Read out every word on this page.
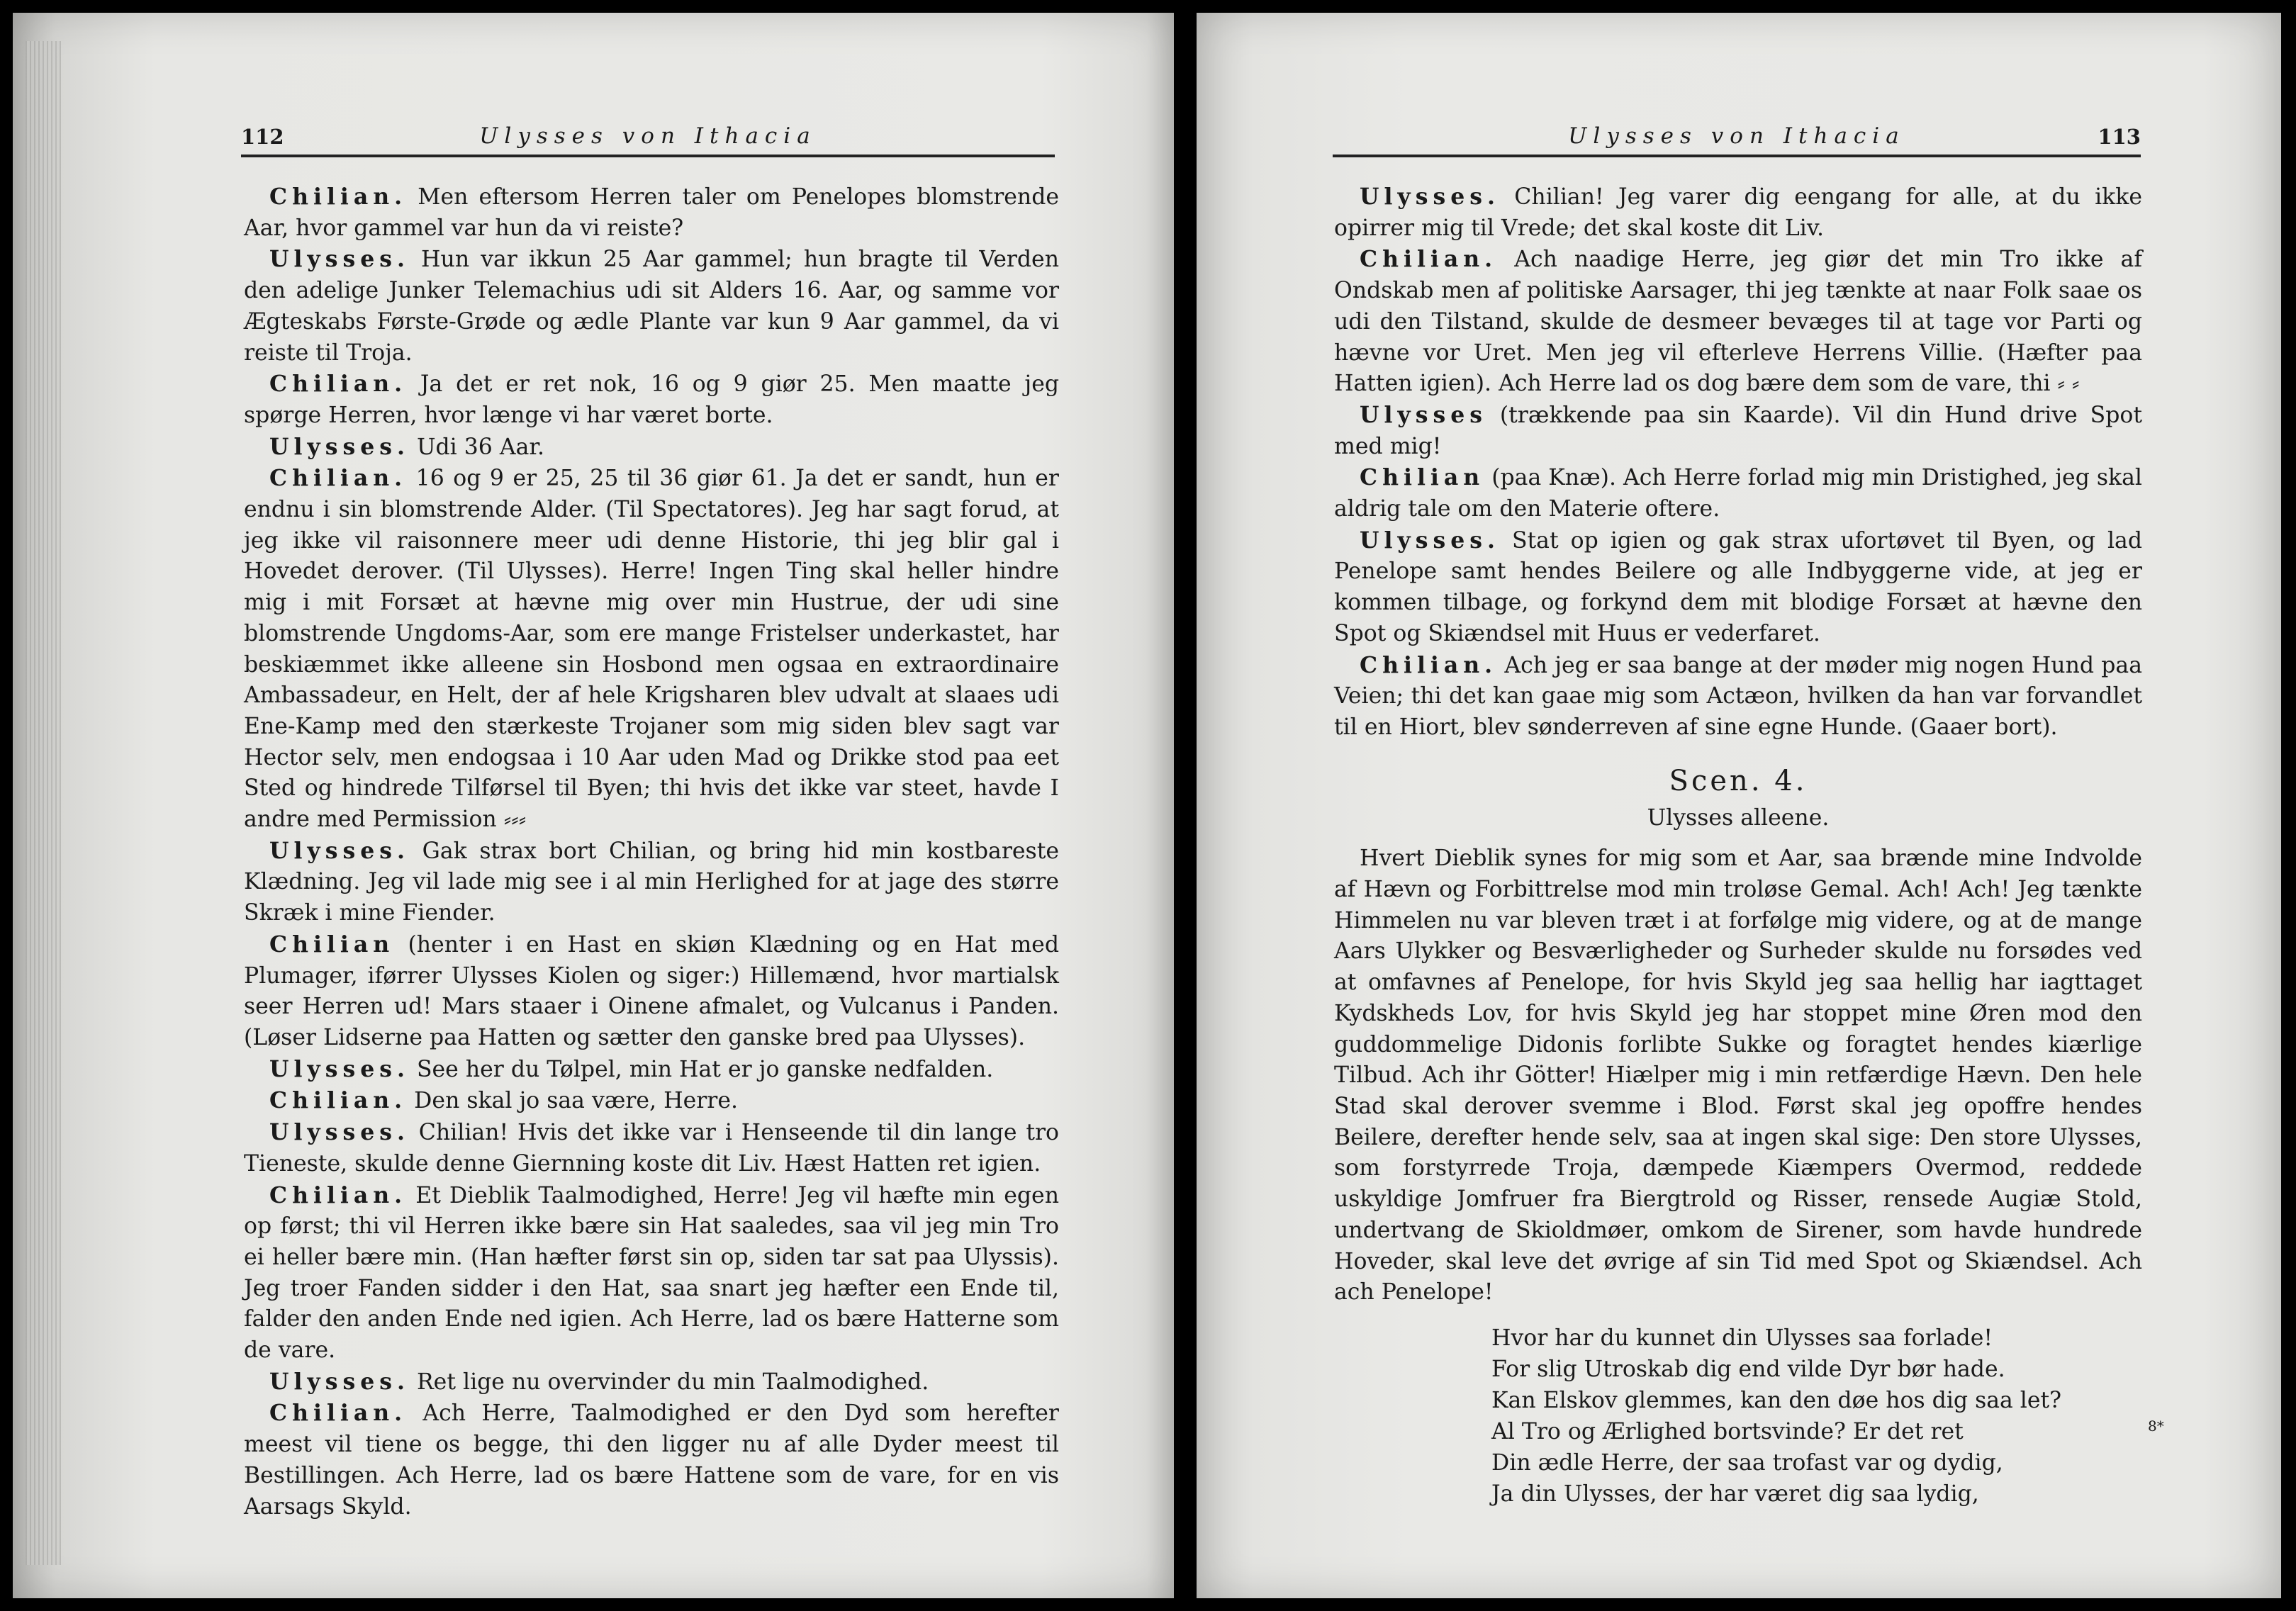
112	Ulysses von Ithacia

Chilian. Men eftersom Herren taler om Penelopes blomstrende Aar, hvor gammel var hun da vi reiste?

Ulysses. Hun var ikkun 25 Aar gammel; hun bragte til Verden den adelige Junker Telemachius udi sit Alders 16. Aar, og samme vor Ægteskabs Første-Grøde og ædle Plante var kun 9 Aar gammel, da vi reiste til Troja.

Chilian. Ja det er ret nok, 16 og 9 giør 25. Men maatte jeg spørge Herren, hvor længe vi har været borte.

Ulysses. Udi 36 Aar.

Chilian. 16 og 9 er 25, 25 til 36 giør 61. Ja det er sandt, hun er endnu i sin blomstrende Alder. (Til Spectatores). Jeg har sagt forud, at jeg ikke vil raisonnere meer udi denne Historie, thi jeg blir gal i Hovedet derover. (Til Ulysses). Herre! Ingen Ting skal heller hindre mig i mit Forsæt at hævne mig over min Hustrue, der udi sine blomstrende Ungdoms-Aar, som ere mange Fristelser underkastet, har beskiæmmet ikke alleene sin Hosbond men ogsaa en extraordinaire Ambassadeur, en Helt, der af hele Krigsharen blev udvalt at slaaes udi Ene-Kamp med den stærkeste Trojaner som mig siden blev sagt var Hector selv, men endogsaa i 10 Aar uden Mad og Drikke stod paa eet Sted og hindrede Tilførsel til Byen; thi hvis det ikke var steet, havde I andre med Permission ⸗⸗⸗

Ulysses. Gak strax bort Chilian, og bring hid min kostbareste Klædning. Jeg vil lade mig see i al min Herlighed for at jage des større Skræk i mine Fiender.

Chilian (henter i en Hast en skiøn Klædning og en Hat med Plumager, iførrer Ulysses Kiolen og siger:) Hillemænd, hvor martialsk seer Herren ud! Mars staaer i Oinene afmalet, og Vulcanus i Panden. (Løser Lidserne paa Hatten og sætter den ganske bred paa Ulysses).

Ulysses. See her du Tølpel, min Hat er jo ganske nedfalden.

Chilian. Den skal jo saa være, Herre.

Ulysses. Chilian! Hvis det ikke var i Henseende til din lange tro Tieneste, skulde denne Giernning koste dit Liv. Hæst Hatten ret igien.

Chilian. Et Dieblik Taalmodighed, Herre! Jeg vil hæfte min egen op først; thi vil Herren ikke bære sin Hat saaledes, saa vil jeg min Tro ei heller bære min. (Han hæfter først sin op, siden tar sat paa Ulyssis). Jeg troer Fanden sidder i den Hat, saa snart jeg hæfter een Ende til, falder den anden Ende ned igien. Ach Herre, lad os bære Hatterne som de vare.

Ulysses. Ret lige nu overvinder du min Taalmodighed.

Chilian. Ach Herre, Taalmodighed er den Dyd som herefter meest vil tiene os begge, thi den ligger nu af alle Dyder meest til Bestillingen. Ach Herre, lad os bære Hattene som de vare, for en vis Aarsags Skyld.

Ulysses von Ithacia	113

Ulysses. Chilian! Jeg varer dig eengang for alle, at du ikke opirrer mig til Vrede; det skal koste dit Liv.

Chilian. Ach naadige Herre, jeg giør det min Tro ikke af Ondskab men af politiske Aarsager, thi jeg tænkte at naar Folk saae os udi den Tilstand, skulde de desmeer bevæges til at tage vor Parti og hævne vor Uret. Men jeg vil efterleve Herrens Villie. (Hæfter paa Hatten igien). Ach Herre lad os dog bære dem som de vare, thi ⸗ ⸗

Ulysses (trækkende paa sin Kaarde). Vil din Hund drive Spot med mig!

Chilian (paa Knæ). Ach Herre forlad mig min Dristighed, jeg skal aldrig tale om den Materie oftere.

Ulysses. Stat op igien og gak strax ufortøvet til Byen, og lad Penelope samt hendes Beilere og alle Indbyggerne vide, at jeg er kommen tilbage, og forkynd dem mit blodige Forsæt at hævne den Spot og Skiændsel mit Huus er vederfaret.

Chilian. Ach jeg er saa bange at der møder mig nogen Hund paa Veien; thi det kan gaae mig som Actæon, hvilken da han var forvandlet til en Hiort, blev sønderreven af sine egne Hunde. (Gaaer bort).

Scen. 4.
Ulysses alleene.

Hvert Dieblik synes for mig som et Aar, saa brænde mine Indvolde af Hævn og Forbittrelse mod min troløse Gemal. Ach! Ach! Jeg tænkte Himmelen nu var bleven træt i at forfølge mig videre, og at de mange Aars Ulykker og Besværligheder og Surheder skulde nu forsødes ved at omfavnes af Penelope, for hvis Skyld jeg saa hellig har iagttaget Kydskheds Lov, for hvis Skyld jeg har stoppet mine Øren mod den guddommelige Didonis forlibte Sukke og foragtet hendes kiærlige Tilbud. Ach ihr Götter! Hiælper mig i min retfærdige Hævn. Den hele Stad skal derover svemme i Blod. Først skal jeg opoffre hendes Beilere, derefter hende selv, saa at ingen skal sige: Den store Ulysses, som forstyrrede Troja, dæmpede Kiæmpers Overmod, reddede uskyldige Jomfruer fra Biergtrold og Risser, rensede Augiæ Stold, undertvang de Skioldmøer, omkom de Sirener, som havde hundrede Hoveder, skal leve det øvrige af sin Tid med Spot og Skiændsel. Ach ach Penelope!

Hvor har du kunnet din Ulysses saa forlade!
For slig Utroskab dig end vilde Dyr bør hade.
Kan Elskov glemmes, kan den døe hos dig saa let?
Al Tro og Ærlighed bortsvinde? Er det ret
Din ædle Herre, der saa trofast var og dydig,
Ja din Ulysses, der har været dig saa lydig,
8*
